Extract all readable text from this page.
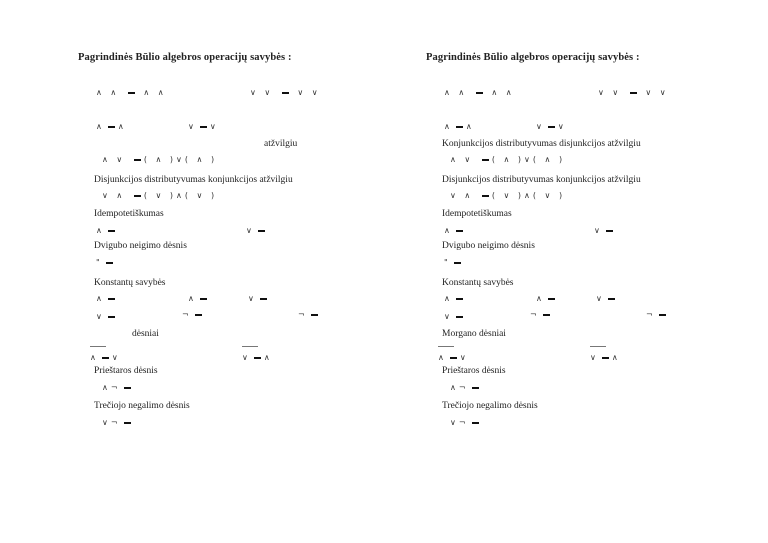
Pagrindinės Būlio algebros operacijų savybės :
∧ ∧	∧ ∧	∨ ∨	∨ ∨
∧ ∧	∨ ∨
atžvilgiu
∧ ∨ ( ∧ )∨( ∧ )
Disjunkcijos distributyvumas konjunkcijos atžvilgiu
∨ ∧ ( ∨ )∧( ∨ )
Idempotetiškumas
∧	∨
Dvigubo neigimo dėsnis
"
Konstantų savybės
∧	∧	∨
∨	¬	¬
dėsniai

∧ ∨	∨ ∧
Prieštaros dėsnis
∧¬
Trečiojo negalimo dėsnis
∨¬
Pagrindinės Būlio algebros operacijų savybės :
∧ ∧	∧ ∧	∨ ∨	∨ ∨
∧ ∧	∨ ∨
Konjunkcijos distributyvumas disjunkcijos atžvilgiu
∧ ∨ ( ∧ )∨( ∧ )
Disjunkcijos distributyvumas konjunkcijos atžvilgiu
∨ ∧ ( ∨ )∧( ∨ )
Idempotetiškumas
∧	∨
Dvigubo neigimo dėsnis
"
Konstantų savybės
∧	∧	∨
∨	¬	¬
Morgano dėsniai

∧ ∨	∨ ∧
Prieštaros dėsnis
∧¬
Trečiojo negalimo dėsnis
∨¬
